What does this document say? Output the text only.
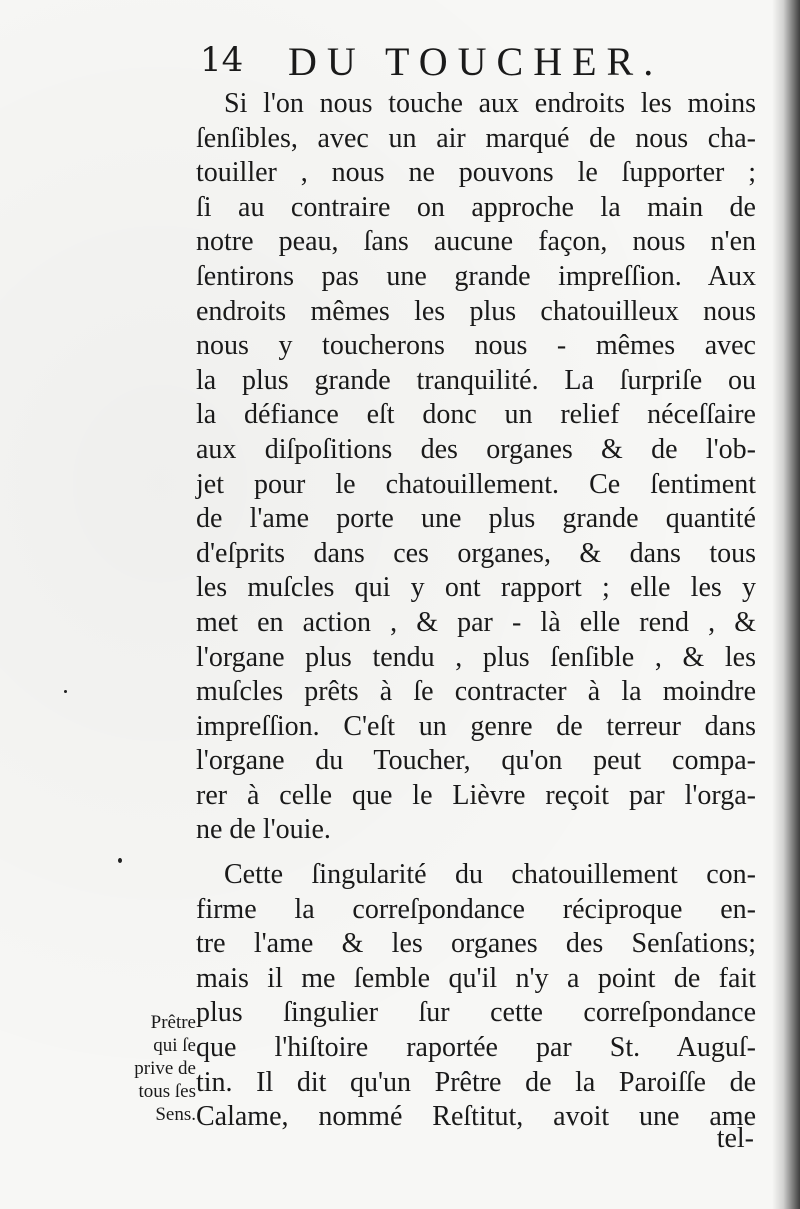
14 DU TOUCHER.
Si l'on nous touche aux endroits les moins
ſenſibles, avec un air marqué de nous cha-
touiller , nous ne pouvons le ſupporter ;
ſi au contraire on approche la main de
notre peau, ſans aucune façon, nous n'en
ſentirons pas une grande impreſſion. Aux
endroits mêmes les plus chatouilleux nous
nous y toucherons nous - mêmes avec
la plus grande tranquilité. La ſurpriſe ou
la défiance eſt donc un relief néceſſaire
aux diſpoſitions des organes & de l'ob-
jet pour le chatouillement. Ce ſentiment
de l'ame porte une plus grande quantité
d'eſprits dans ces organes, & dans tous
les muſcles qui y ont rapport ; elle les y
met en action , & par - là elle rend , &
l'organe plus tendu , plus ſenſible , & les
muſcles prêts à ſe contracter à la moindre
impreſſion. C'eſt un genre de terreur dans
l'organe du Toucher, qu'on peut compa-
rer à celle que le Lièvre reçoit par l'orga-
ne de l'ouie.
Cette ſingularité du chatouillement con-
firme la correſpondance réciproque en-
tre l'ame & les organes des Senſations;
mais il me ſemble qu'il n'y a point de fait
plus ſingulier ſur cette correſpondance
que l'hiſtoire raportée par St. Auguſ-
tin. Il dit qu'un Prêtre de la Paroiſſe de
Calame, nommé Reſtitut, avoit une ame
tel-
Prêtre
qui ſe
prive de
tous ſes
Sens.
